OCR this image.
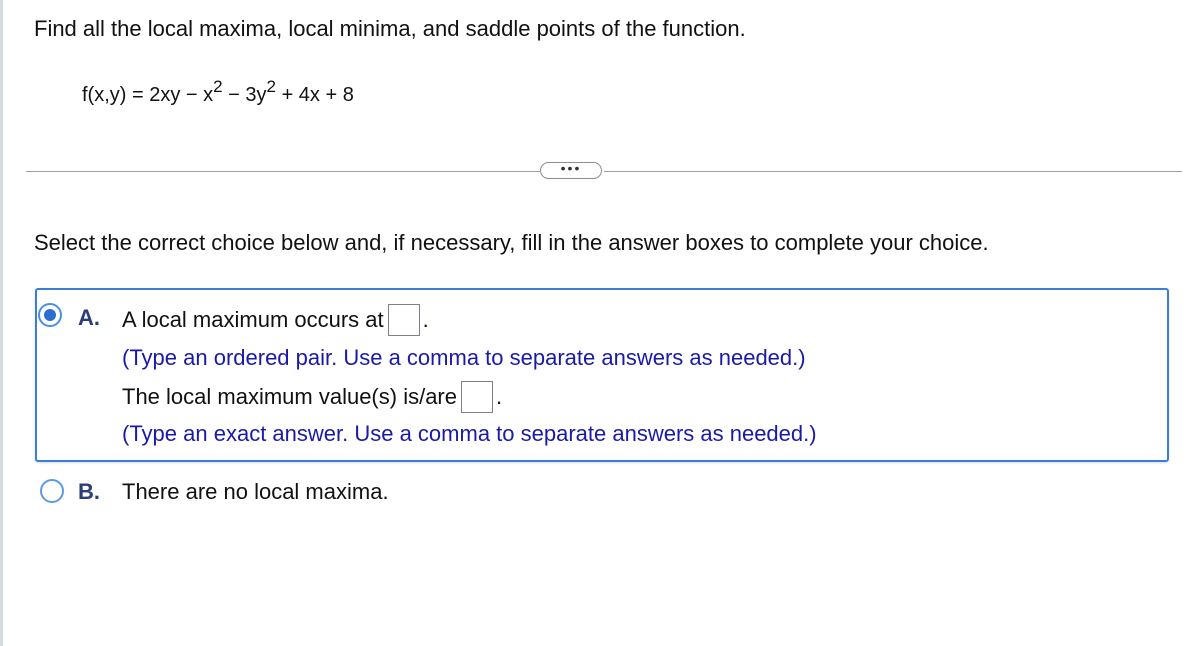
Find all the local maxima, local minima, and saddle points of the function.
$f(x,y) = 2xy - x^2 - 3y^2 + 4x + 8$
•••
Select the correct choice below and, if necessary, fill in the answer boxes to complete your choice.
A. A local maximum occurs at .
(Type an ordered pair. Use a comma to separate answers as needed.)
The local maximum value(s) is/are .
(Type an exact answer. Use a comma to separate answers as needed.)
B. There are no local maxima.
